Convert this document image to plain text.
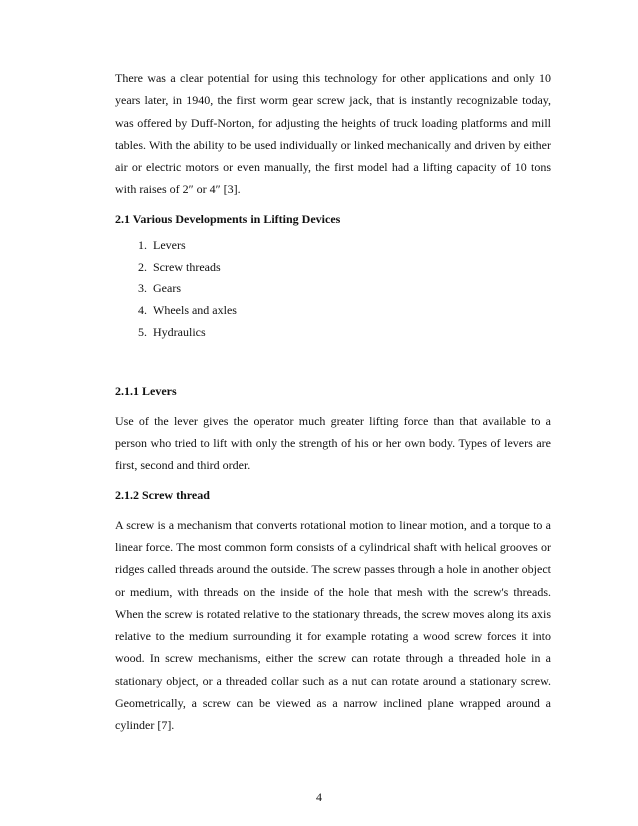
There was a clear potential for using this technology for other applications and only 10 years later, in 1940, the first worm gear screw jack, that is instantly recognizable today, was offered by Duff-Norton, for adjusting the heights of truck loading platforms and mill tables. With the ability to be used individually or linked mechanically and driven by either air or electric motors or even manually, the first model had a lifting capacity of 10 tons with raises of 2″ or 4″ [3].

2.1 Various Developments in Lifting Devices
1. Levers
2. Screw threads
3. Gears
4. Wheels and axles
5. Hydraulics
2.1.1 Levers

Use of the lever gives the operator much greater lifting force than that available to a person who tried to lift with only the strength of his or her own body. Types of levers are first, second and third order.

2.1.2 Screw thread

A screw is a mechanism that converts rotational motion to linear motion, and a torque to a linear force. The most common form consists of a cylindrical shaft with helical grooves or ridges called threads around the outside. The screw passes through a hole in another object or medium, with threads on the inside of the hole that mesh with the screw's threads. When the screw is rotated relative to the stationary threads, the screw moves along its axis relative to the medium surrounding it for example rotating a wood screw forces it into wood. In screw mechanisms, either the screw can rotate through a threaded hole in a stationary object, or a threaded collar such as a nut can rotate around a stationary screw. Geometrically, a screw can be viewed as a narrow inclined plane wrapped around a cylinder [7].

4
